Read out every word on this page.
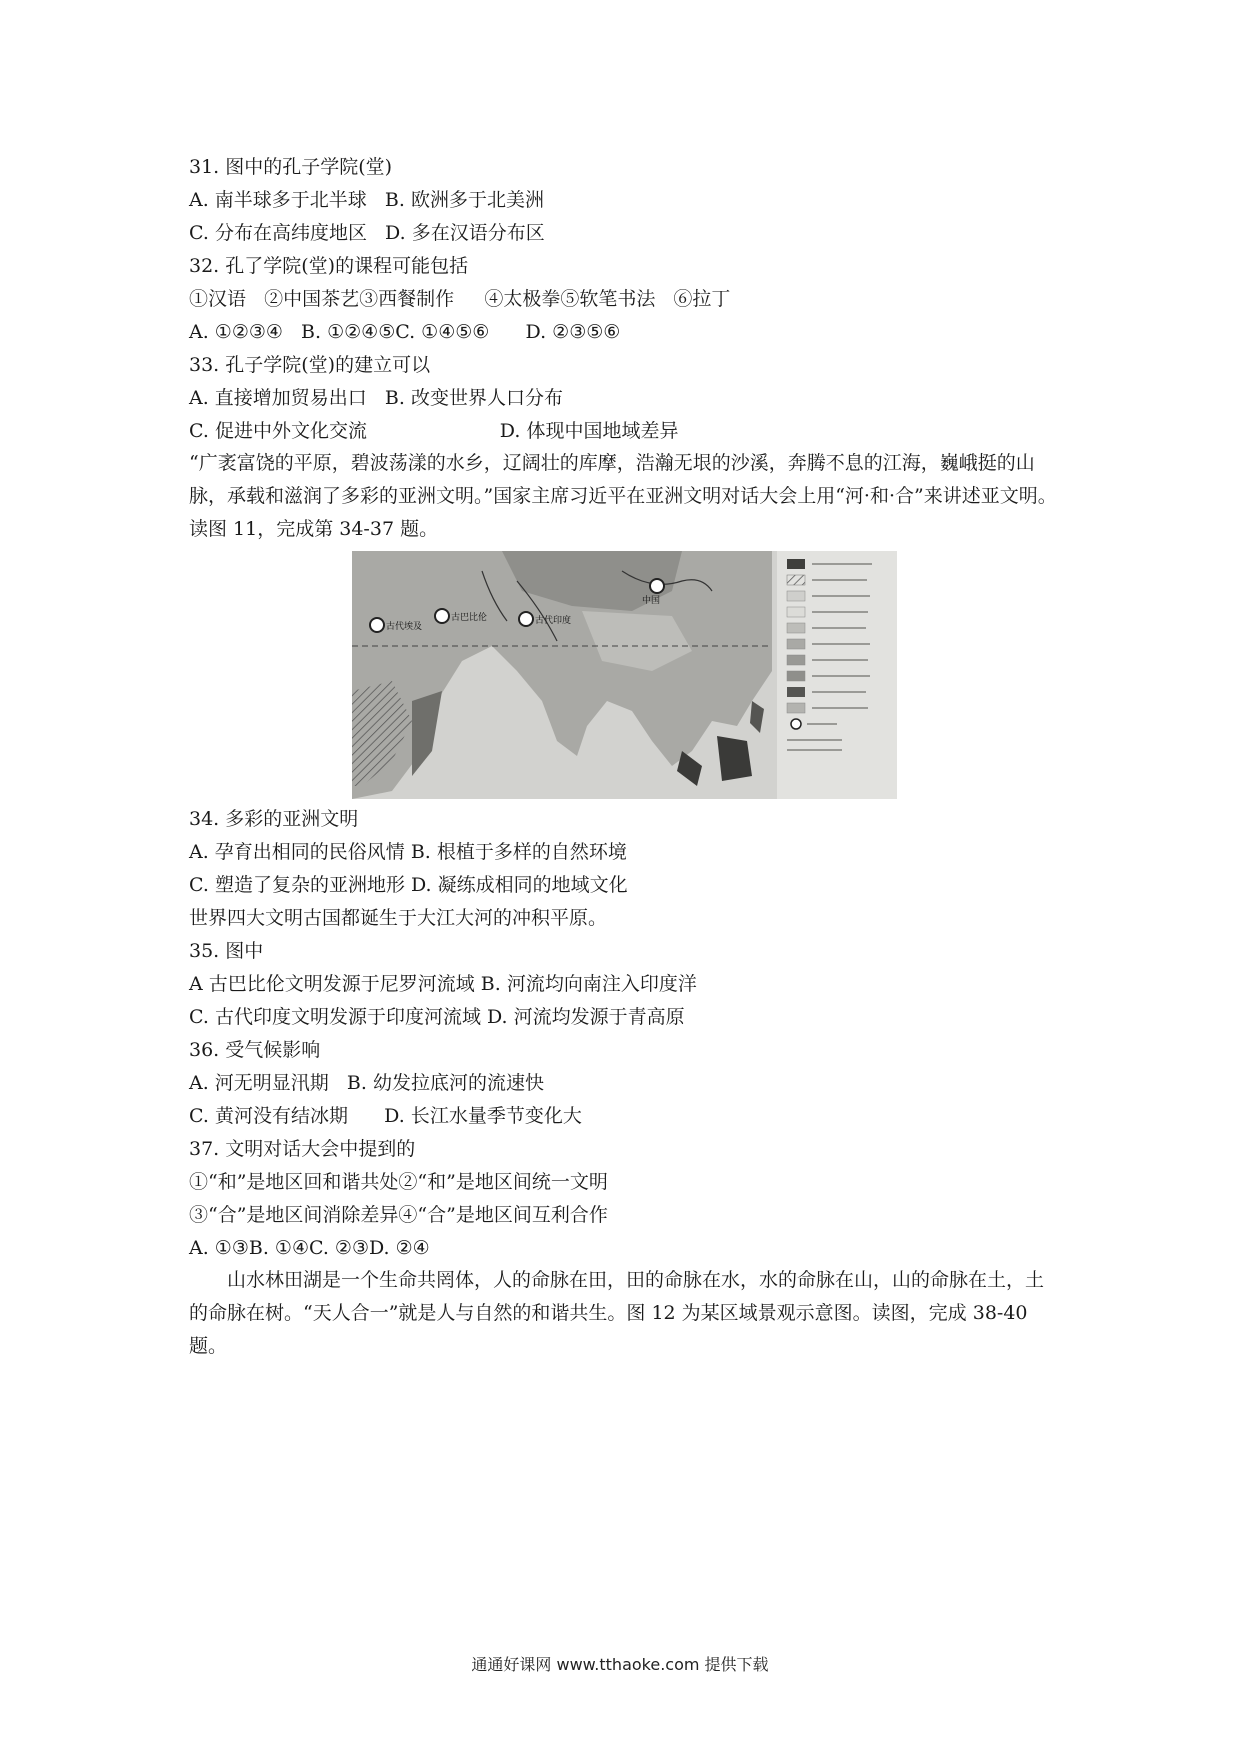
31. 图中的孔子学院(堂)
A. 南半球多于北半球   B. 欧洲多于北美洲
C. 分布在高纬度地区   D. 多在汉语分布区
32. 孔了学院(堂)的课程可能包括
①汉语   ②中国茶艺③西餐制作     ④太极拳⑤软笔书法   ⑥拉丁
A. ①②③④   B. ①②④⑤C. ①④⑤⑥      D. ②③⑤⑥
33. 孔子学院(堂)的建立可以
A. 直接增加贸易出口   B. 改变世界人口分布
C. 促进中外文化交流                      D. 体现中国地域差异
“广袤富饶的平原，碧波荡漾的水乡，辽阔壮的库摩，浩瀚无垠的沙溪，奔腾不息的江海，巍峨挺的山脉，承载和滋润了多彩的亚洲文明。”国家主席习近平在亚洲文明对话大会上用“河·和·合”来讲述亚文明。读图 11，完成第 34-37 题。
古代埃及
古巴比伦	古代印度
中国
34. 多彩的亚洲文明
A. 孕育出相同的民俗风情 B. 根植于多样的自然环境
C. 塑造了复杂的亚洲地形 D. 凝练成相同的地域文化
世界四大文明古国都诞生于大江大河的冲积平原。
35. 图中
A 古巴比伦文明发源于尼罗河流域 B. 河流均向南注入印度洋
C. 古代印度文明发源于印度河流域 D. 河流均发源于青高原
36. 受气候影响
A. 河无明显汛期   B. 幼发拉底河的流速快
C. 黄河没有结冰期      D. 长江水量季节变化大
37. 文明对话大会中提到的
①“和”是地区回和谐共处②“和”是地区间统一文明
③“合”是地区间消除差异④“合”是地区间互利合作
A. ①③B. ①④C. ②③D. ②④
山水林田湖是一个生命共罔体，人的命脉在田，田的命脉在水，水的命脉在山，山的命脉在土，土的命脉在树。“天人合一”就是人与自然的和谐共生。图 12 为某区域景观示意图。读图，完成 38-40 题。
通通好课网 www.tthaoke.com 提供下载
